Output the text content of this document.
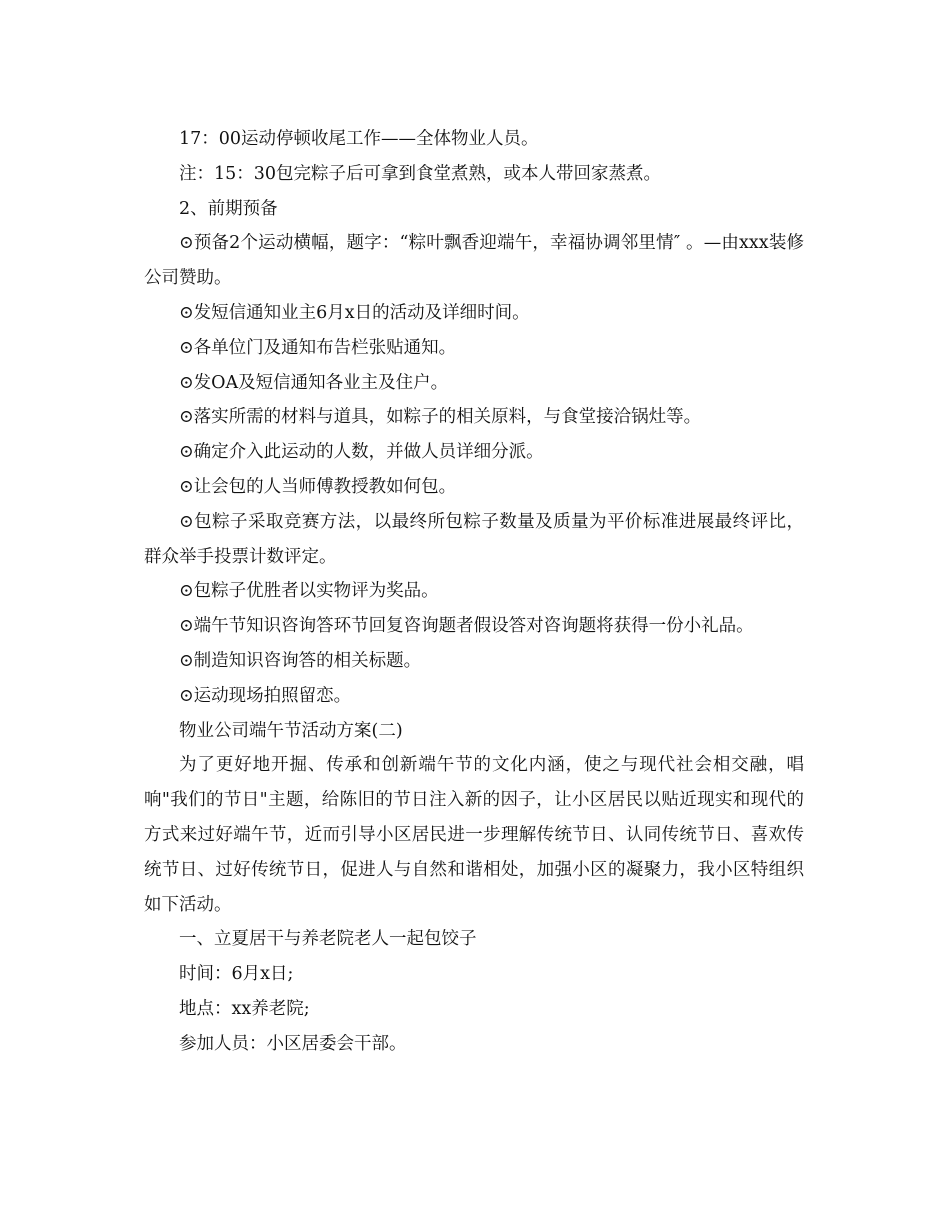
17：00运动停顿收尾工作——全体物业人员。

注：15：30包完粽子后可拿到食堂煮熟，或本人带回家蒸煮。

2、前期预备

⊙预备2个运动横幅，题字：“粽叶飘香迎端午，幸福协调邻里情″ 。—由xxx装修公司赞助。

⊙发短信通知业主6月x日的活动及详细时间。

⊙各单位门及通知布告栏张贴通知。

⊙发OA及短信通知各业主及住户。

⊙落实所需的材料与道具，如粽子的相关原料，与食堂接洽锅灶等。

⊙确定介入此运动的人数，并做人员详细分派。

⊙让会包的人当师傅教授教如何包。

⊙包粽子采取竞赛方法，以最终所包粽子数量及质量为平价标准进展最终评比，群众举手投票计数评定。

⊙包粽子优胜者以实物评为奖品。

⊙端午节知识咨询答环节回复咨询题者假设答对咨询题将获得一份小礼品。

⊙制造知识咨询答的相关标题。

⊙运动现场拍照留恋。

物业公司端午节活动方案(二)

为了更好地开掘、传承和创新端午节的文化内涵，使之与现代社会相交融，唱响"我们的节日"主题，给陈旧的节日注入新的因子，让小区居民以贴近现实和现代的方式来过好端午节，近而引导小区居民进一步理解传统节日、认同传统节日、喜欢传统节日、过好传统节日，促进人与自然和谐相处，加强小区的凝聚力，我小区特组织如下活动。

一、立夏居干与养老院老人一起包饺子

时间：6月x日;

地点：xx养老院;

参加人员：小区居委会干部。
